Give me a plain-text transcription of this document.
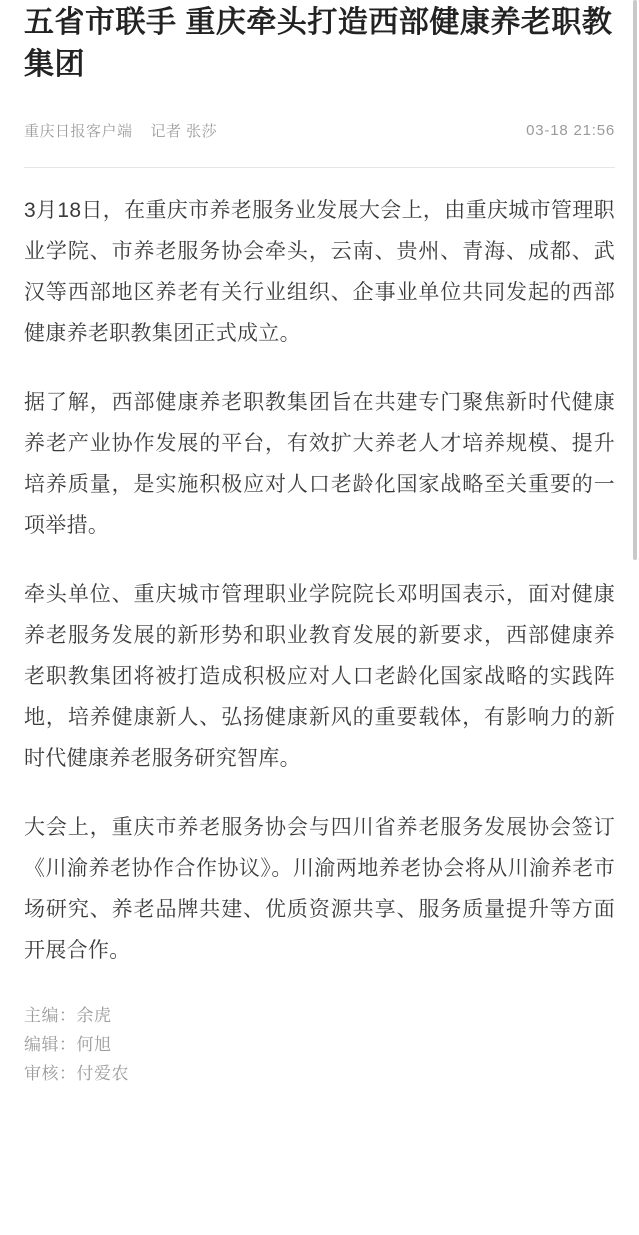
五省市联手 重庆牵头打造西部健康养老职教集团
重庆日报客户端 记者 张莎	03-18 21:56

3月18日，在重庆市养老服务业发展大会上，由重庆城市管理职业学院、市养老服务协会牵头，云南、贵州、青海、成都、武汉等西部地区养老有关行业组织、企事业单位共同发起的西部健康养老职教集团正式成立。

据了解，西部健康养老职教集团旨在共建专门聚焦新时代健康养老产业协作发展的平台，有效扩大养老人才培养规模、提升培养质量，是实施积极应对人口老龄化国家战略至关重要的一项举措。

牵头单位、重庆城市管理职业学院院长邓明国表示，面对健康养老服务发展的新形势和职业教育发展的新要求，西部健康养老职教集团将被打造成积极应对人口老龄化国家战略的实践阵地，培养健康新人、弘扬健康新风的重要载体，有影响力的新时代健康养老服务研究智库。

大会上，重庆市养老服务协会与四川省养老服务发展协会签订《川渝养老协作合作协议》。川渝两地养老协会将从川渝养老市场研究、养老品牌共建、优质资源共享、服务质量提升等方面开展合作。

主编：余虎
编辑：何旭
审核：付爱农
